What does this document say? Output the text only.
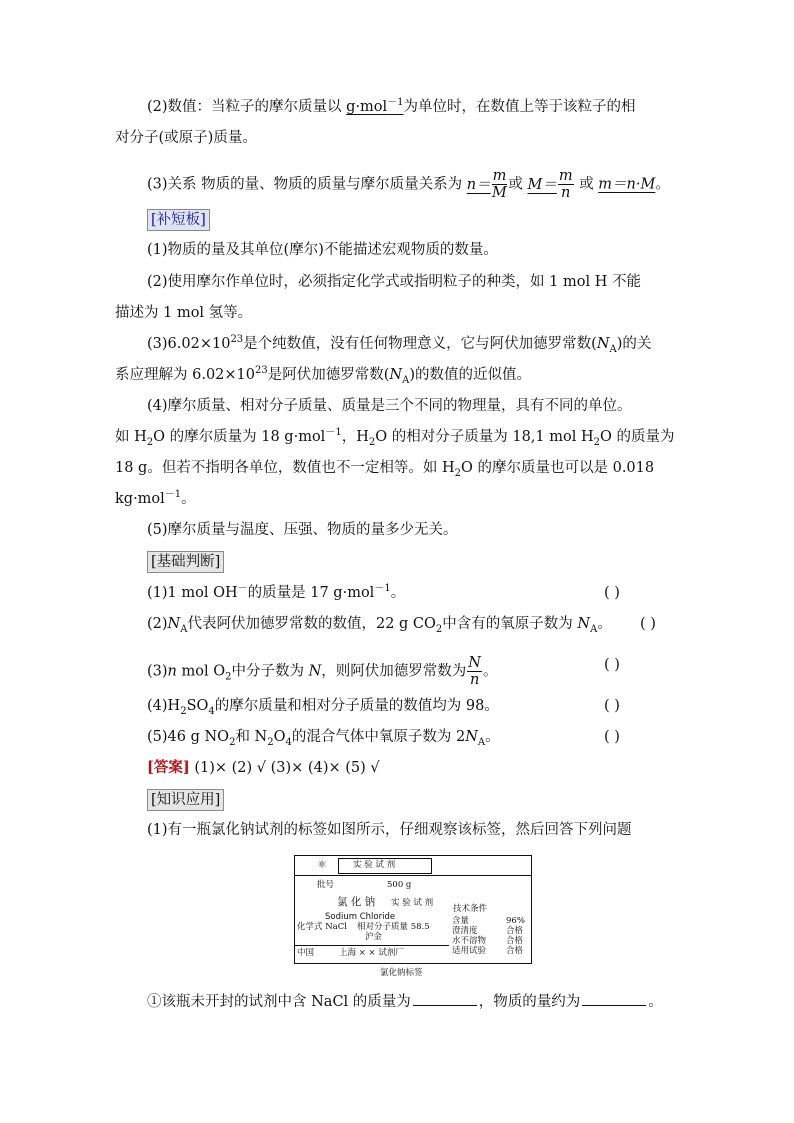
(2)数值：当粒子的摩尔质量以 g·mol$^{-1}$为单位时，在数值上等于该粒子的相
对分子(或原子)质量。
(3)关系 物质的量、物质的质量与摩尔质量关系为 $n= \frac{m}{M}$ 或 $M= \frac{m}{n}$ 或 m＝n·M。
[补短板]
(1)物质的量及其单位(摩尔)不能描述宏观物质的数量。
(2)使用摩尔作单位时，必须指定化学式或指明粒子的种类，如 1 mol H 不能
描述为 1 mol 氢等。
$(3)6.02\times 10^{23}$是个纯数值，没有任何物理意义，它与阿伏加德罗常数$(N_A)$的关
系应理解为 $6.02\times 10^{23}$是阿伏加德罗常数$(N_A)$的数值的近似值。
(4)摩尔质量、相对分子质量、质量是三个不同的物理量，具有不同的单位。
如 $H_2O$ 的摩尔质量为 18 g·mol$^{-1}$，$H_2O$ 的相对分子质量为 18,1 mol $H_2O$ 的质量为
18 g。但若不指明各单位，数值也不一定相等。如 $H_2O$ 的摩尔质量也可以是 0.018
kg·mol$^{-1}$。
(5)摩尔质量与温度、压强、物质的量多少无关。
[基础判断]
(1)1 mol OH－的质量是 17 g·mol$^{-1}$。	( )
$(2)N_A$代表阿伏加德罗常数的数值，22 g $CO_2$中含有的氧原子数为 $N_A$。 ( )
(3)n mol $O_2$中分子数为 N，则阿伏加德罗常数为 $\frac{N}{n}$ 。	( )
$(4)H_2SO_4$的摩尔质量和相对分子质量的数值均为 98。	( )
(5)46 g $NO_2$和 $N_2O_4$的混合气体中氧原子数为 $2N_A$。	( )
[答案] (1)× (2) √ (3)× (4)× (5) √
[知识应用]
(1)有一瓶氯化钠试剂的标签如图所示，仔细观察该标签，然后回答下列问题
⚛	实 验 试 剂
批号	500 g
氯 化 钠 实 验 试 剂
技术条件
Sodium Chloride
化学式 NaCl 相对分子质量 58.5
沪金
含量	96%
澄清度	合格
水不溶物 合格
适用试验 合格
中国	上海 × × 试剂厂
氯化钠标签
①该瓶未开封的试剂中含 NaCl 的质量为	，物质的量约为	。
